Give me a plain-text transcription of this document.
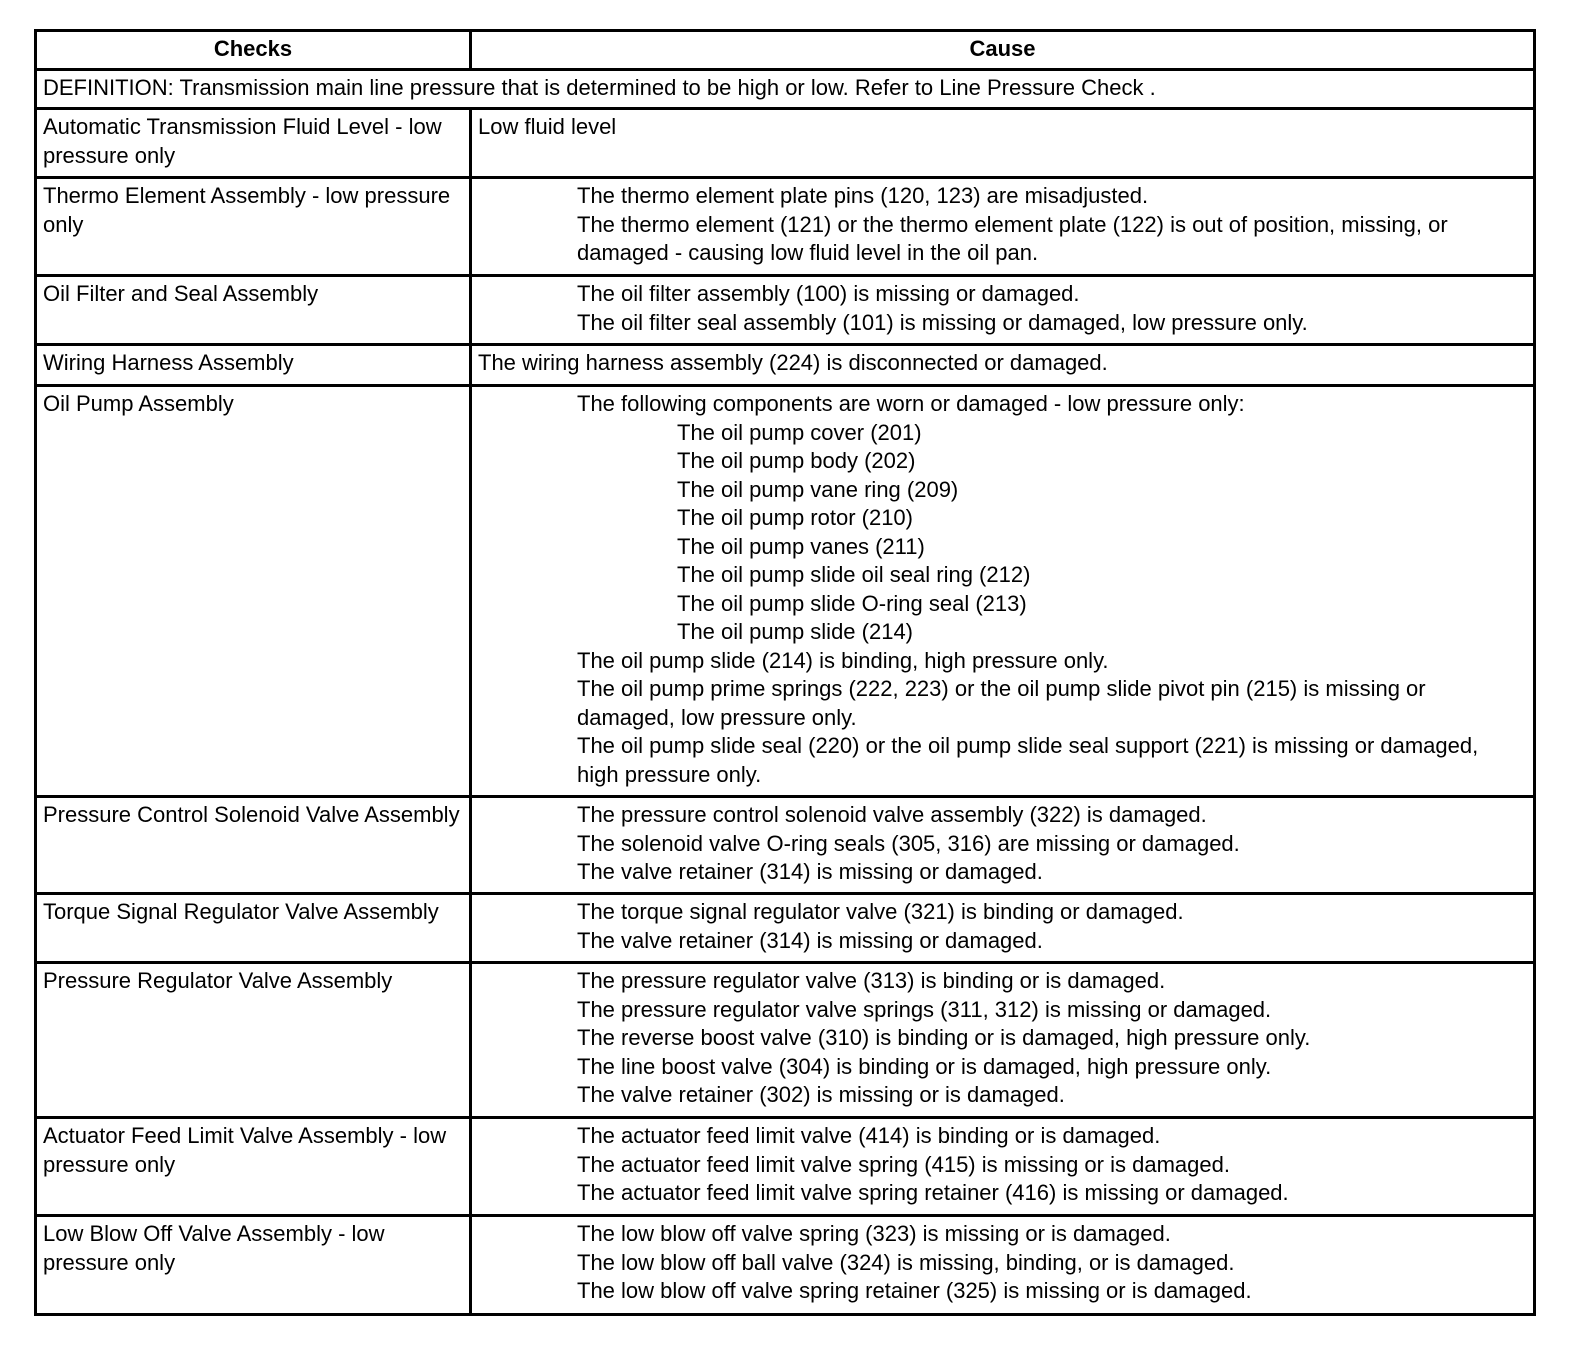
Checks	Cause
DEFINITION: Transmission main line pressure that is determined to be high or low. Refer to Line Pressure Check .	
Automatic Transmission Fluid Level - low pressure only	Low fluid level

Thermo Element Assembly - low pressure only	The thermo element plate pins (120, 123) are misadjusted.
The thermo element (121) or the thermo element plate (122) is out of position, missing, or damaged - causing low fluid level in the oil pan.

Oil Filter and Seal Assembly	The oil filter assembly (100) is missing or damaged.
The oil filter seal assembly (101) is missing or damaged, low pressure only.

Wiring Harness Assembly	The wiring harness assembly (224) is disconnected or damaged.

Oil Pump Assembly	The following components are worn or damaged - low pressure only:
The oil pump cover (201)
The oil pump body (202)
The oil pump vane ring (209)
The oil pump rotor (210)
The oil pump vanes (211)
The oil pump slide oil seal ring (212)
The oil pump slide O-ring seal (213)
The oil pump slide (214)
The oil pump slide (214) is binding, high pressure only.
The oil pump prime springs (222, 223) or the oil pump slide pivot pin (215) is missing or damaged, low pressure only.
The oil pump slide seal (220) or the oil pump slide seal support (221) is missing or damaged, high pressure only.

Pressure Control Solenoid Valve Assembly	The pressure control solenoid valve assembly (322) is damaged.
The solenoid valve O-ring seals (305, 316) are missing or damaged.
The valve retainer (314) is missing or damaged.

Torque Signal Regulator Valve Assembly	The torque signal regulator valve (321) is binding or damaged.
The valve retainer (314) is missing or damaged.

Pressure Regulator Valve Assembly	The pressure regulator valve (313) is binding or is damaged.
The pressure regulator valve springs (311, 312) is missing or damaged.
The reverse boost valve (310) is binding or is damaged, high pressure only.
The line boost valve (304) is binding or is damaged, high pressure only.
The valve retainer (302) is missing or is damaged.

Actuator Feed Limit Valve Assembly - low pressure only	The actuator feed limit valve (414) is binding or is damaged.
The actuator feed limit valve spring (415) is missing or is damaged.
The actuator feed limit valve spring retainer (416) is missing or damaged.

Low Blow Off Valve Assembly - low pressure only	The low blow off valve spring (323) is missing or is damaged.
The low blow off ball valve (324) is missing, binding, or is damaged.
The low blow off valve spring retainer (325) is missing or is damaged.
